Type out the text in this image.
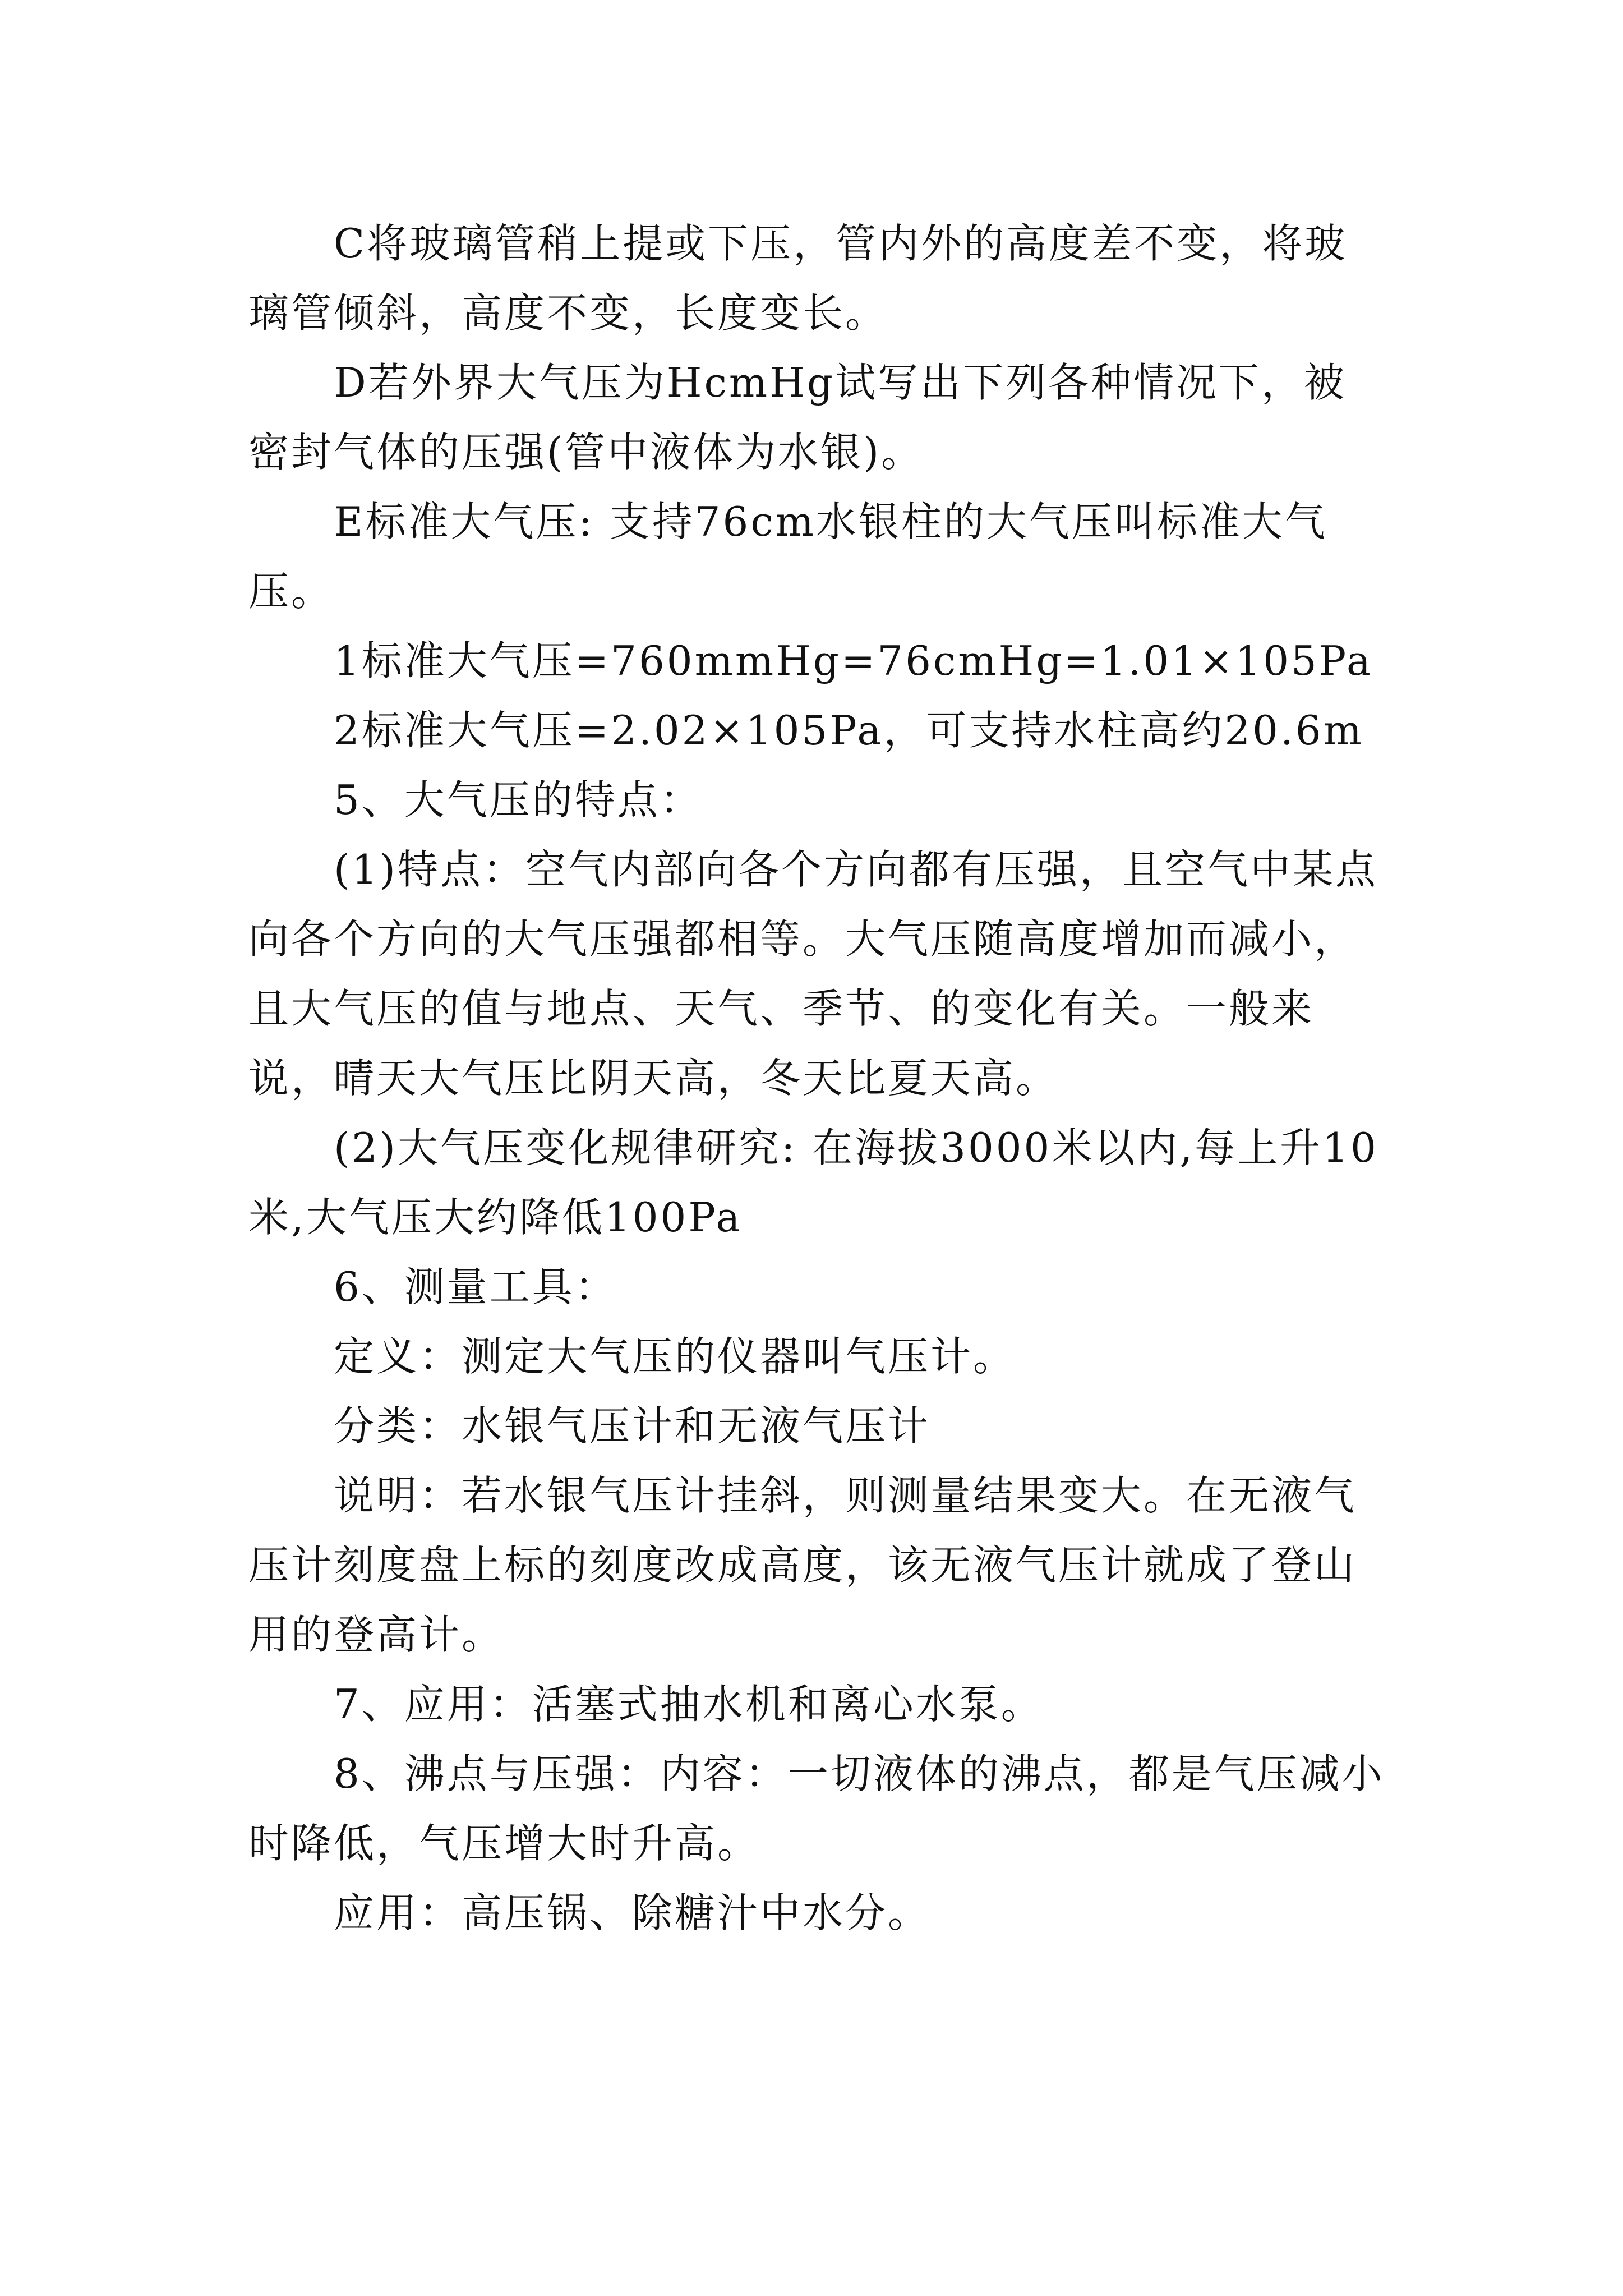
C将玻璃管稍上提或下压，管内外的高度差不变，将玻璃管倾斜，高度不变，长度变长。

D若外界大气压为HcmHg试写出下列各种情况下，被密封气体的压强(管中液体为水银)。

E标准大气压: 支持76cm水银柱的大气压叫标准大气压。

1标准大气压=760mmHg=76cmHg=1.01×105Pa

2标准大气压=2.02×105Pa，可支持水柱高约20.6m

5、大气压的特点：

(1)特点：空气内部向各个方向都有压强，且空气中某点向各个方向的大气压强都相等。大气压随高度增加而减小，且大气压的值与地点、天气、季节、的变化有关。一般来说，晴天大气压比阴天高，冬天比夏天高。

(2)大气压变化规律研究: 在海拔3000米以内,每上升10米,大气压大约降低100Pa

6、测量工具：

定义：测定大气压的仪器叫气压计。

分类：水银气压计和无液气压计

说明：若水银气压计挂斜，则测量结果变大。在无液气压计刻度盘上标的刻度改成高度，该无液气压计就成了登山用的登高计。

7、应用：活塞式抽水机和离心水泵。

8、沸点与压强：内容：一切液体的沸点，都是气压减小时降低，气压增大时升高。

应用：高压锅、除糖汁中水分。
